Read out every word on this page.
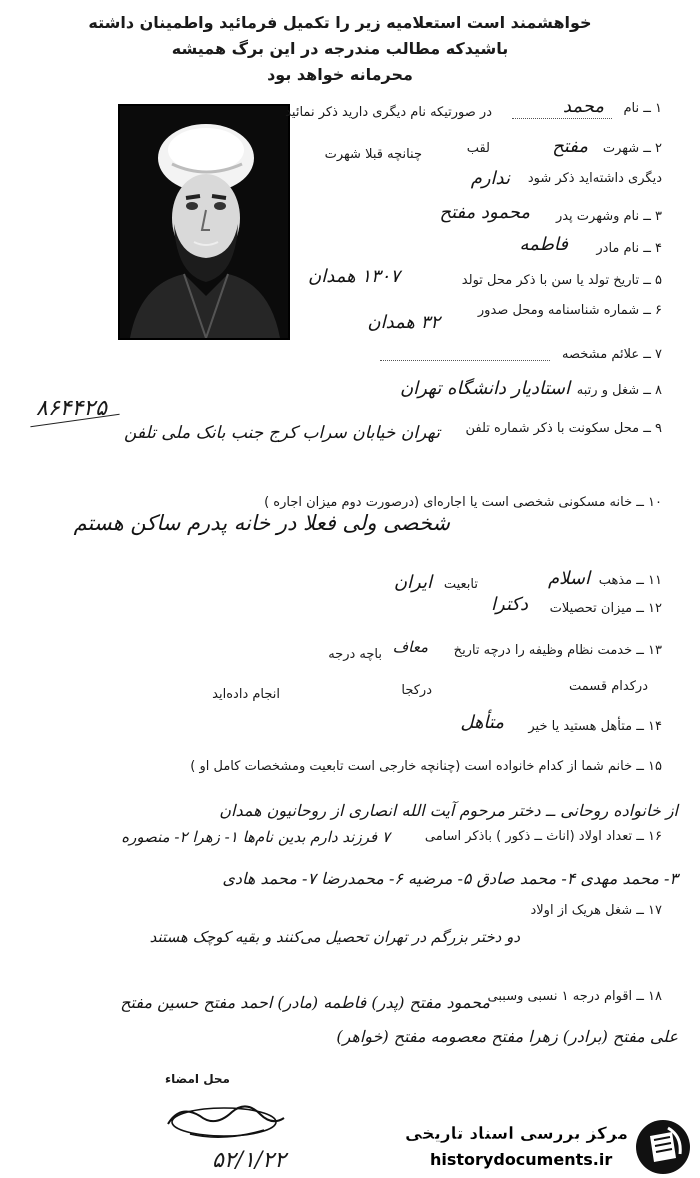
خواهشمند است استعلامیه زیر را تکمیل فرمائید واطمینان داشته
باشیدکه مطالب مندرجه در این برگ همیشه
محرمانه خواهد بود
۱ ــ نام
در صورتیکه نام دیگری دارید ذکر نمائید	محمد
۲ ــ شهرت
مفتح
لقب
چنانچه قبلا شهرت
دیگری داشته‌اید ذکر شود
ندارم
۳ ــ نام وشهرت پدر
محمود مفتح
۴ ــ نام مادر
فاطمه
۵ ــ تاریخ تولد یا سن با ذکر محل تولد
۱۳۰۷ همدان
۶ ــ شماره شناسنامه ومحل صدور
۳۲ همدان
۷ ــ علائم مشخصه
۸ ــ شغل و رتبه
استادیار دانشگاه تهران
۸۶۴۴۲۵
۹ ــ محل سکونت با ذکر شماره تلفن
تهران خیابان سراب کرج جنب بانک ملی تلفن
۱۰ ــ خانه مسکونی شخصی است یا اجاره‌ای (درصورت دوم میزان اجاره )
شخصی ولی فعلا در خانه پدرم ساکن هستم
۱۱ ــ مذهب
اسلام
تابعیت
ایران
۱۲ ــ میزان تحصیلات
دکترا
۱۳ ــ خدمت نظام وظیفه را درچه تاریخ
معاف
باچه درجه
درکدام قسمت
درکجا
انجام داده‌اید
۱۴ ــ متأهل هستید یا خیر
متأهل
۱۵ ــ خانم شما از کدام خانواده است (چنانچه خارجی است تابعیت ومشخصات کامل او )
از خانواده روحانی ــ دختر مرحوم آیت الله انصاری از روحانیون همدان
۱۶ ــ تعداد اولاد (اناث ــ ذکور ) باذکر اسامی
۷ فرزند دارم بدین نام‌ها ۱- زهرا ۲- منصوره
۳- محمد مهدی ۴- محمد صادق ۵- مرضیه ۶- محمدرضا ۷- محمد هادی
۱۷ ــ شغل هریک از اولاد
دو دختر بزرگم در تهران تحصیل می‌کنند و بقیه کوچک هستند
۱۸ ــ اقوام درجه ۱ نسبی وسببی
محمود مفتح (پدر) فاطمه (مادر) احمد مفتح حسین مفتح
علی مفتح (برادر) زهرا مفتح معصومه مفتح (خواهر)
محل امضاء
۵۲/۱/۲۲
مرکز بررسی اسناد تاریخی
historydocuments.ir
